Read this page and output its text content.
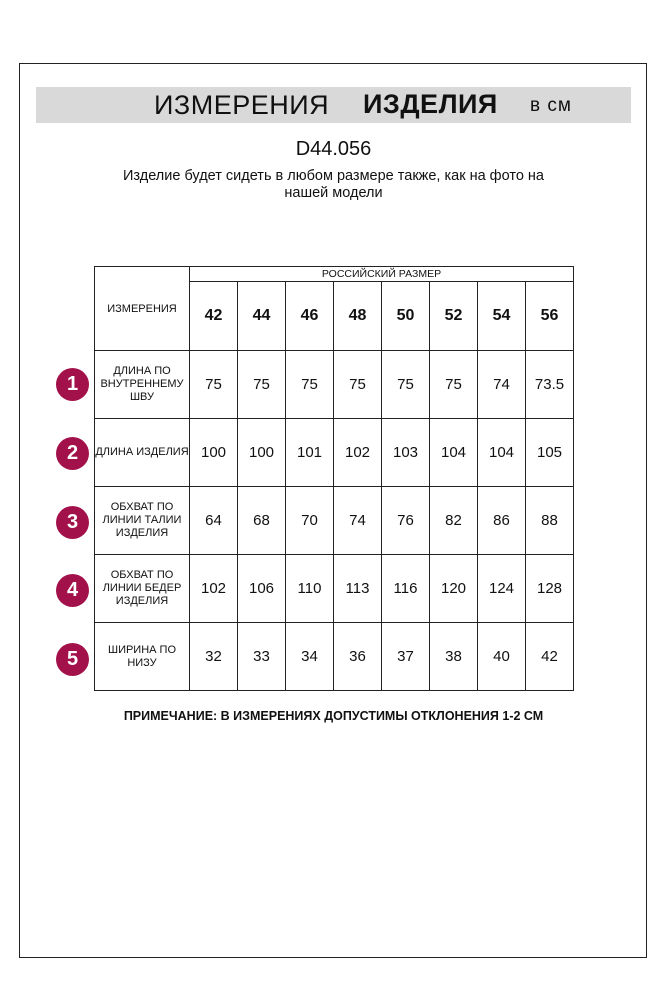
ИЗМЕРЕНИЯ ИЗДЕЛИЯ в см
D44.056
Изделие будет сидеть в любом размере также, как на фото на нашей модели
ИЗМЕРЕНИЯ	РОССИЙСКИЙ РАЗМЕР							
	42	44	46	48	50	52	54	56
ДЛИНА ПО ВНУТРЕННЕМУ ШВУ	75	75	75	75	75	75	74	73.5
ДЛИНА ИЗДЕЛИЯ	100	100	101	102	103	104	104	105
ОБХВАТ ПО ЛИНИИ ТАЛИИ ИЗДЕЛИЯ	64	68	70	74	76	82	86	88
ОБХВАТ ПО ЛИНИИ БЕДЕР ИЗДЕЛИЯ	102	106	110	113	116	120	124	128
ШИРИНА ПО НИЗУ	32	33	34	36	37	38	40	42
1
2
3
4
5
ПРИМЕЧАНИЕ: В ИЗМЕРЕНИЯХ ДОПУСТИМЫ ОТКЛОНЕНИЯ 1-2 СМ
